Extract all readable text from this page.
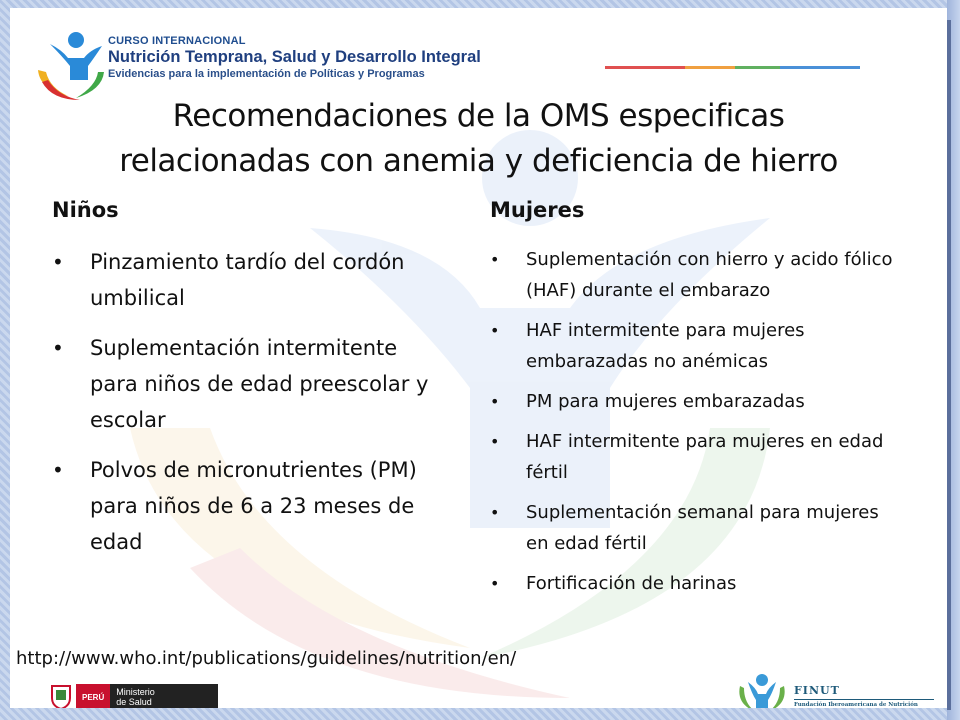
CURSO INTERNACIONAL
Nutrición Temprana, Salud y Desarrollo Integral
Evidencias para la implementación de Políticas y Programas
Recomendaciones de la OMS especificas
relacionadas con anemia y deficiencia de hierro
Niños
• Pinzamiento tardío del cordón umbilical
• Suplementación intermitente para niños de edad preescolar y escolar
• Polvos de micronutrientes (PM) para niños de 6 a 23 meses de edad
Mujeres
• Suplementación con hierro y acido fólico (HAF) durante el embarazo
• HAF intermitente para mujeres embarazadas no anémicas
• PM para mujeres embarazadas
• HAF intermitente para mujeres en edad fértil
• Suplementación semanal para mujeres en edad fértil
• Fortificación de harinas
http://www.who.int/publications/guidelines/nutrition/en/
PERÚ	Ministerio
de Salud
FINUT
Fundación Iberoamericana de Nutrición
